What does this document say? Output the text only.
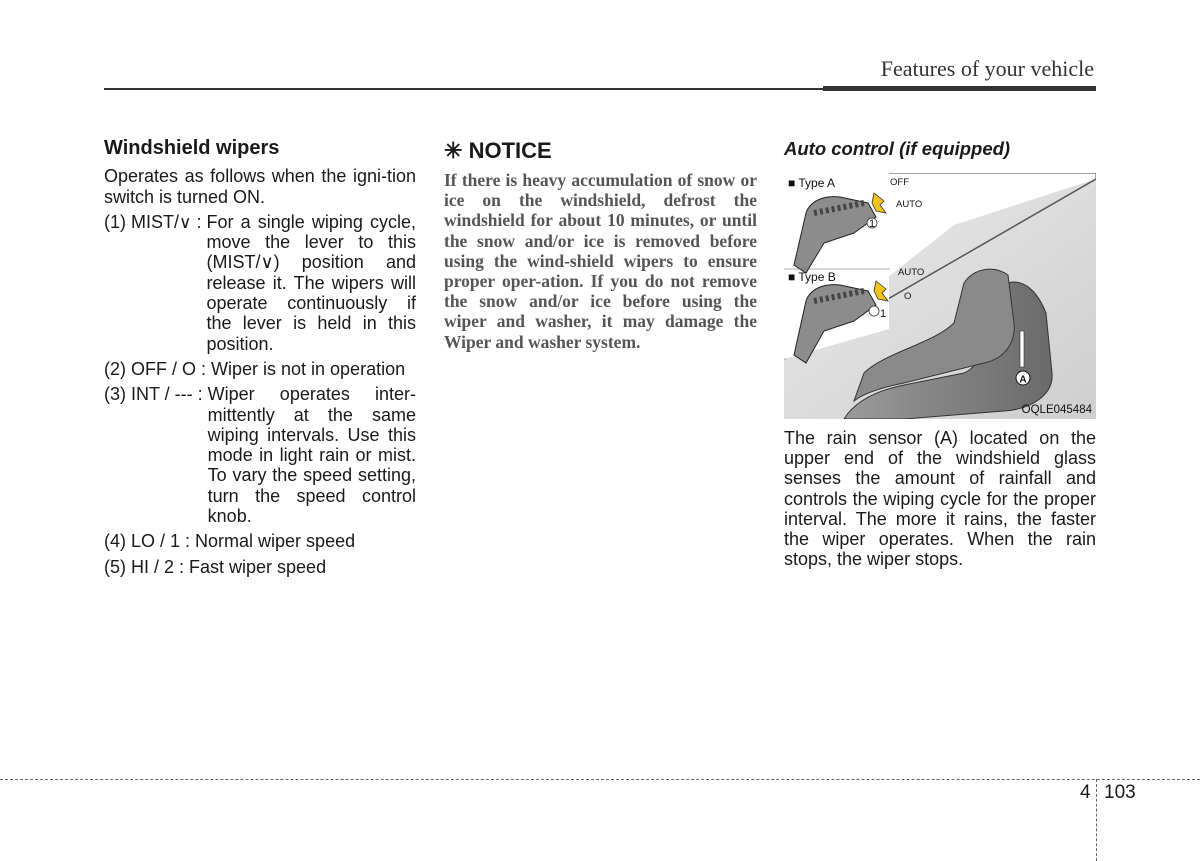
Features of your vehicle
Windshield wipers
Operates as follows when the igni-tion switch is turned ON.
(1) MIST/∨ : For a single wiping cycle, move the lever to this (MIST/∨) position and release it. The wipers will operate continuously if the lever is held in this position.
(2) OFF / O : Wiper is not in operation
(3) INT / --- : Wiper operates inter-mittently at the same wiping intervals. Use this mode in light rain or mist. To vary the speed setting, turn the speed control knob.
(4) LO / 1 : Normal wiper speed
(5) HI / 2 : Fast wiper speed
✳ NOTICE
If there is heavy accumulation of snow or ice on the windshield, defrost the windshield for about 10 minutes, or until the snow and/or ice is removed before using the wind-shield wipers to ensure proper oper-ation. If you do not remove the snow and/or ice before using the wiper and washer, it may damage the Wiper and washer system.
Auto control (if equipped)
A
■ Type A	OFF
AUTO
1
■ Type B	AUTO
O
1
OQLE045484
The rain sensor (A) located on the upper end of the windshield glass senses the amount of rainfall and controls the wiping cycle for the proper interval. The more it rains, the faster the wiper operates. When the rain stops, the wiper stops.
4 103
